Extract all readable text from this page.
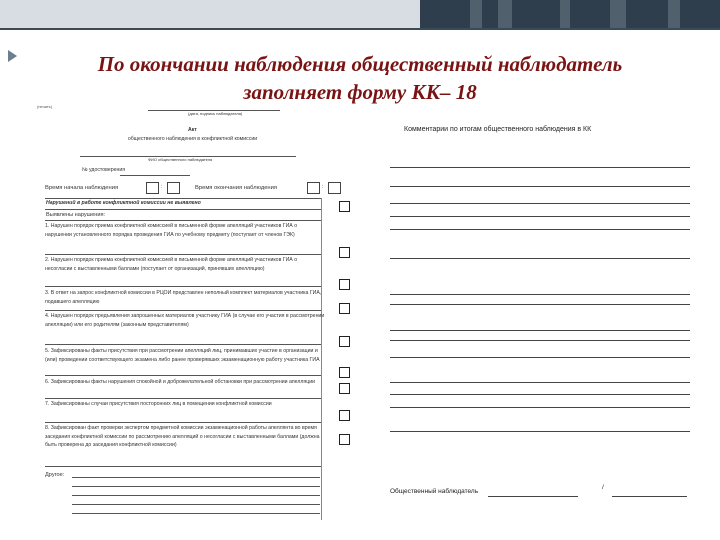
По окончании наблюдения общественный наблюдатель
заполняет форму КК– 18
(печать)
(дата, подпись наблюдателя)
Акт
общественного наблюдения в конфликтной комиссии
ФИО общественного наблюдателя
№ удостоверения
Время начала наблюдения	:	Время окончания наблюдения	:
Нарушений в работе конфликтной комиссии не выявлено
Выявлены нарушения:
1. Нарушен порядок приема конфликтной комиссией в письменной форме апелляций участников ГИА о нарушении установленного порядка проведения ГИА по учебному предмету (поступает от членов ГЭК)
2. Нарушен порядок приема конфликтной комиссией в письменной форме апелляций участников ГИА о несогласии с выставленными баллами (поступает от организаций, принявших апелляцию)
3. В ответ на запрос конфликтной комиссии в РЦОИ представлен неполный комплект материалов участника ГИА, подавшего апелляцию
4. Нарушен порядок предъявления запрошенных материалов участнику ГИА (в случае его участия в рассмотрении апелляции) или его родителям (законным представителям)
5. Зафиксированы факты присутствия при рассмотрении апелляций лиц, принимавших участие в организации и (или) проведении соответствующего экзамена либо ранее проверявших экзаменационную работу участника ГИА
6. Зафиксированы факты нарушения спокойной и доброжелательной обстановки при рассмотрении апелляции
7. Зафиксированы случаи присутствия посторонних лиц в помещении конфликтной комиссии
8. Зафиксирован факт проверки экспертом предметной комиссии экзаменационной работы апеллянта во время заседания конфликтной комиссии по рассмотрению апелляций о несогласии с выставленными баллами (должна быть проверена до заседания конфликтной комиссии)
Другое:
Комментарии по итогам общественного наблюдения в КК
Общественный наблюдатель
/
